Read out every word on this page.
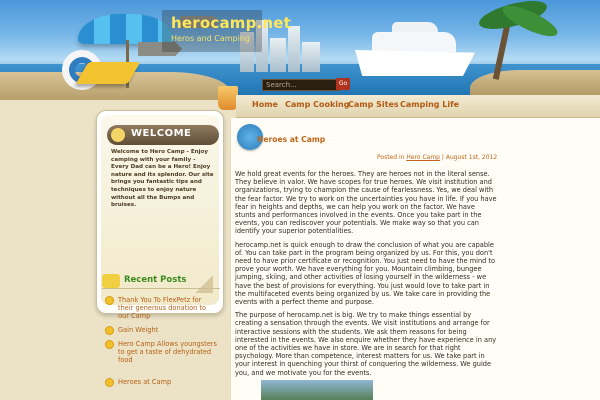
herocamp.net
Heros and Camping
Search...	Go
Home Camp Cooking
Camp Sites Camping Life
WELCOME
Welcome to Hero Camp - Enjoy camping with your family - Every Dad can be a Hero! Enjoy nature and its splendor. Our site brings you fantastic tips and techniques to enjoy nature without all the Bumps and bruises.
Recent Posts
Thank You To FlexPetz for their generous donation to our Camp
Gain Weight
Hero Camp Allows youngsters to get a taste of dehydrated food
Heroes at Camp
Heroes at Camp
Posted in Hero Camp | August 1st, 2012

We hold great events for the heroes. They are heroes not in the literal sense. They believe in valor. We have scopes for true heroes. We visit institution and organizations, trying to champion the cause of fearlessness. Yes, we deal with the fear factor. We try to work on the uncertainties you have in life. If you have fear in heights and depths, we can help you work on the factor. We have stunts and performances involved in the events. Once you take part in the events, you can rediscover your potentials. We make way so that you can identify your superior potentialities.

herocamp.net is quick enough to draw the conclusion of what you are capable of. You can take part in the program being organized by us. For this, you don't need to have prior certificate or recognition. You just need to have the mind to prove your worth. We have everything for you. Mountain climbing, bungee jumping, skiing, and other activities of losing yourself in the wilderness - we have the best of provisions for everything. You just would love to take part in the multifaceted events being organized by us. We take care in providing the events with a perfect theme and purpose.

The purpose of herocamp.net is big. We try to make things essential by creating a sensation through the events. We visit institutions and arrange for interactive sessions with the students. We ask them reasons for being interested in the events. We also enquire whether they have experience in any one of the activities we have in store. We are in search for that right psychology. More than competence, interest matters for us. We take part in your interest in quenching your thirst of conquering the wilderness. We guide you, and we motivate you for the events.
